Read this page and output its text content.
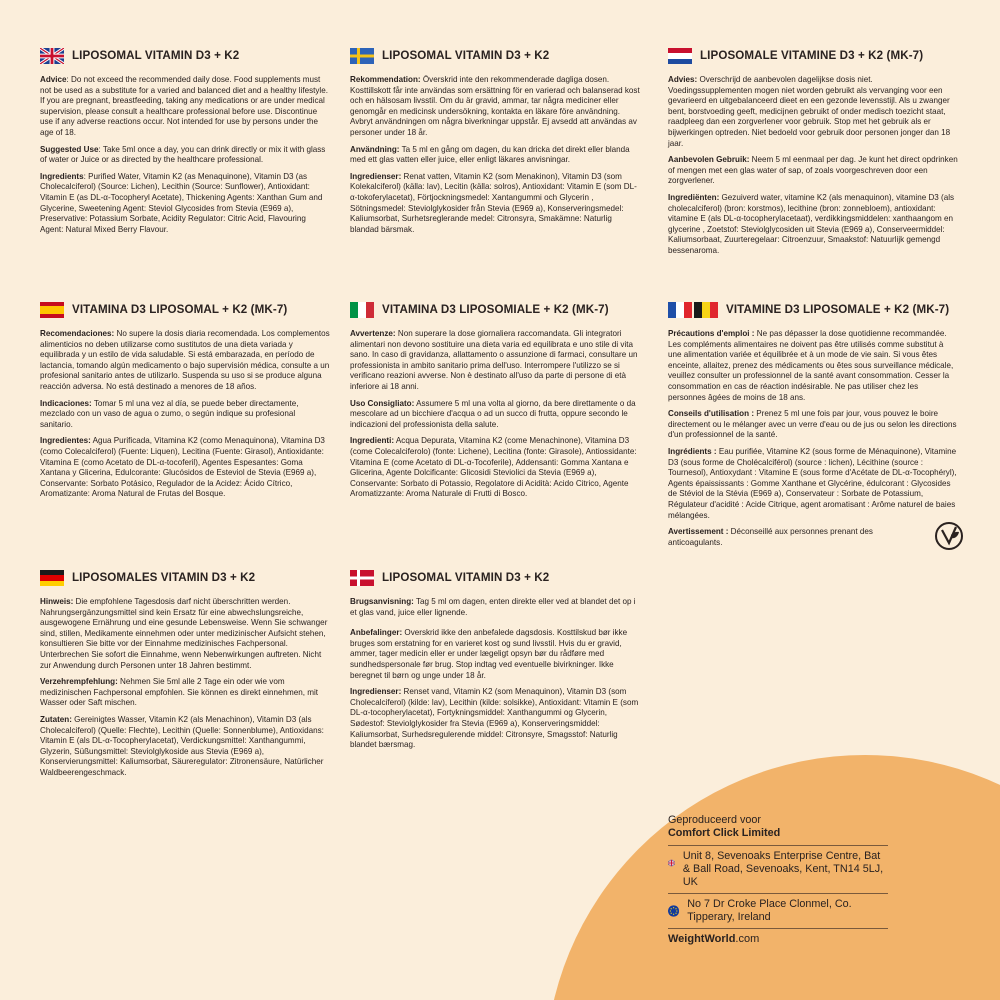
LIPOSOMAL VITAMIN D3 + K2

Advice: Do not exceed the recommended daily dose. Food supplements must not be used as a substitute for a varied and balanced diet and a healthy lifestyle. If you are pregnant, breastfeeding, taking any medications or are under medical supervision, please consult a healthcare professional before use. Discontinue use if any adverse reactions occur. Not intended for use by persons under the age of 18.

Suggested Use: Take 5ml once a day, you can drink directly or mix it with glass of water or Juice or as directed by the healthcare professional.

Ingredients: Purified Water, Vitamin K2 (as Menaquinone), Vitamin D3 (as Cholecalciferol) (Source: Lichen), Lecithin (Source: Sunflower), Antioxidant: Vitamin E (as DL-α-Tocopheryl Acetate), Thickening Agents: Xanthan Gum and Glycerine, Sweetening Agent: Steviol Glycosides from Stevia (E969 a), Preservative: Potassium Sorbate, Acidity Regulator: Citric Acid, Flavouring Agent: Natural Mixed Berry Flavour.

LIPOSOMAL VITAMIN D3 + K2

Rekommendation: Överskrid inte den rekommenderade dagliga dosen. Kosttillskott får inte användas som ersättning för en varierad och balanserad kost och en hälsosam livsstil. Om du är gravid, ammar, tar några mediciner eller genomgår en medicinsk undersökning, kontakta en läkare före användning. Avbryt användningen om några biverkningar uppstår. Ej avsedd att användas av personer under 18 år.

Användning: Ta 5 ml en gång om dagen, du kan dricka det direkt eller blanda med ett glas vatten eller juice, eller enligt läkares anvisningar.

Ingredienser: Renat vatten, Vitamin K2 (som Menakinon), Vitamin D3 (som Kolekalciferol) (källa: lav), Lecitin (källa: solros), Antioxidant: Vitamin E (som DL-α-tokoferylacetat), Förtjockningsmedel: Xantangummi och Glycerin , Sötningsmedel: Steviolglykosider från Stevia (E969 a), Konserveringsmedel: Kaliumsorbat, Surhetsreglerande medel: Citronsyra, Smakämne: Naturlig blandad bärsmak.

LIPOSOMALE VITAMINE D3 + K2 (MK-7)

Advies: Overschrijd de aanbevolen dagelijkse dosis niet. Voedingssupplementen mogen niet worden gebruikt als vervanging voor een gevarieerd en uitgebalanceerd dieet en een gezonde levensstijl. Als u zwanger bent, borstvoeding geeft, medicijnen gebruikt of onder medisch toezicht staat, raadpleeg dan een zorgverlener voor gebruik. Stop met het gebruik als er bijwerkingen optreden. Niet bedoeld voor gebruik door personen jonger dan 18 jaar.

Aanbevolen Gebruik: Neem 5 ml eenmaal per dag. Je kunt het direct opdrinken of mengen met een glas water of sap, of zoals voorgeschreven door een zorgverlener.

Ingrediënten: Gezuiverd water, vitamine K2 (als menaquinon), vitamine D3 (als cholecalciferol) (bron: korstmos), lecithine (bron: zonnebloem), antioxidant: vitamine E (als DL-α-tocopherylacetaat), verdikkingsmiddelen: xanthaangom en glycerine , Zoetstof: Steviolglycosiden uit Stevia (E969 a), Conserveermiddel: Kaliumsorbaat, Zuurteregelaar: Citroenzuur, Smaakstof: Natuurlijk gemengd bessenaroma.

VITAMINA D3 LIPOSOMAL + K2 (MK-7)

Recomendaciones: No supere la dosis diaria recomendada. Los complementos alimenticios no deben utilizarse como sustitutos de una dieta variada y equilibrada y un estilo de vida saludable. Si está embarazada, en período de lactancia, tomando algún medicamento o bajo supervisión médica, consulte a un profesional sanitario antes de utilizarlo. Suspenda su uso si se produce alguna reacción adversa. No está destinado a menores de 18 años.

Indicaciones: Tomar 5 ml una vez al día, se puede beber directamente, mezclado con un vaso de agua o zumo, o según indique su profesional sanitario.

Ingredientes: Agua Purificada, Vitamina K2 (como Menaquinona), Vitamina D3 (como Colecalciferol) (Fuente: Liquen), Lecitina (Fuente: Girasol), Antioxidante: Vitamina E (como Acetato de DL-α-tocoferil), Agentes Espesantes: Goma Xantana y Glicerina, Edulcorante: Glucósidos de Esteviol de Stevia (E969 a), Conservante: Sorbato Potásico, Regulador de la Acidez: Ácido Cítrico, Aromatizante: Aroma Natural de Frutas del Bosque.

VITAMINA D3 LIPOSOMIALE + K2 (MK-7)

Avvertenze: Non superare la dose giornaliera raccomandata. Gli integratori alimentari non devono sostituire una dieta varia ed equilibrata e uno stile di vita sano. In caso di gravidanza, allattamento o assunzione di farmaci, consultare un professionista in ambito sanitario prima dell'uso. Interrompere l'utilizzo se si verificano reazioni avverse. Non è destinato all'uso da parte di persone di età inferiore ai 18 anni.

Uso Consigliato: Assumere 5 ml una volta al giorno, da bere direttamente o da mescolare ad un bicchiere d'acqua o ad un succo di frutta, oppure secondo le indicazioni del professionista della salute.

Ingredienti: Acqua Depurata, Vitamina K2 (come Menachinone), Vitamina D3 (come Colecalciferolo) (fonte: Lichene), Lecitina (fonte: Girasole), Antiossidante: Vitamina E (come Acetato di DL-α-Tocoferile), Addensanti: Gomma Xantana e Glicerina, Agente Dolcificante: Glicosidi Steviolici da Stevia (E969 a), Conservante: Sorbato di Potassio, Regolatore di Acidità: Acido Citrico, Agente Aromatizzante: Aroma Naturale di Frutti di Bosco.

VITAMINE D3 LIPOSOMALE + K2 (MK-7)

Précautions d'emploi : Ne pas dépasser la dose quotidienne recommandée. Les compléments alimentaires ne doivent pas être utilisés comme substitut à une alimentation variée et équilibrée et à un mode de vie sain. Si vous êtes enceinte, allaitez, prenez des médicaments ou êtes sous surveillance médicale, veuillez consulter un professionnel de la santé avant consommation. Cesser la consommation en cas de réaction indésirable. Ne pas utiliser chez les personnes âgées de moins de 18 ans.

Conseils d'utilisation : Prenez 5 ml une fois par jour, vous pouvez le boire directement ou le mélanger avec un verre d'eau ou de jus ou selon les directions d'un professionnel de la santé.

Ingrédients : Eau purifiée, Vitamine K2 (sous forme de Ménaquinone), Vitamine D3 (sous forme de Cholécalciférol) (source : lichen), Lécithine (source : Tournesol), Antioxydant : Vitamine E (sous forme d'Acétate de DL-α-Tocophéryl), Agents épaississants : Gomme Xanthane et Glycérine, édulcorant : Glycosides de Stéviol de la Stévia (E969 a), Conservateur : Sorbate de Potassium, Régulateur d'acidité : Acide Citrique, agent aromatisant : Arôme naturel de baies mélangées.

Avertissement : Déconseillé aux personnes prenant des anticoagulants.

LIPOSOMALES VITAMIN D3 + K2

Hinweis: Die empfohlene Tagesdosis darf nicht überschritten werden. Nahrungsergänzungsmittel sind kein Ersatz für eine abwechslungsreiche, ausgewogene Ernährung und eine gesunde Lebensweise. Wenn Sie schwanger sind, stillen, Medikamente einnehmen oder unter medizinischer Aufsicht stehen, konsultieren Sie bitte vor der Einnahme medizinisches Fachpersonal. Unterbrechen Sie sofort die Einnahme, wenn Nebenwirkungen auftreten. Nicht zur Anwendung durch Personen unter 18 Jahren bestimmt.

Verzehrempfehlung: Nehmen Sie 5ml alle 2 Tage ein oder wie vom medizinischen Fachpersonal empfohlen. Sie können es direkt einnehmen, mit Wasser oder Saft mischen.

Zutaten: Gereinigtes Wasser, Vitamin K2 (als Menachinon), Vitamin D3 (als Cholecalciferol) (Quelle: Flechte), Lecithin (Quelle: Sonnenblume), Antioxidans: Vitamin E (als DL-α-Tocopherylacetat), Verdickungsmittel: Xanthangummi, Glyzerin, Süßungsmittel: Steviolglykoside aus Stevia (E969 a), Konservierungsmittel: Kaliumsorbat, Säureregulator: Zitronensäure, Natürlicher Waldbeerengeschmack.

LIPOSOMAL VITAMIN D3 + K2

Brugsanvisning: Tag 5 ml om dagen, enten direkte eller ved at blandet det op i et glas vand, juice eller lignende.

Anbefalinger: Overskrid ikke den anbefalede dagsdosis. Kosttilskud bør ikke bruges som erstatning for en varieret kost og sund livsstil. Hvis du er gravid, ammer, tager medicin eller er under lægeligt opsyn bør du rådføre med sundhedspersonale før brug. Stop indtag ved eventuelle bivirkninger. Ikke beregnet til børn og unge under 18 år.

Ingredienser: Renset vand, Vitamin K2 (som Menaquinon), Vitamin D3 (som Cholecalciferol) (kilde: lav), Lecithin (kilde: solsikke), Antioxidant: Vitamin E (som DL-α-tocopherylacetat), Fortykningsmiddel: Xanthangummi og Glycerin, Sødestof: Steviolglykosider fra Stevia (E969 a), Konserveringsmiddel: Kaliumsorbat, Surhedsregulerende middel: Citronsyre, Smagsstof: Naturlig blandet bærsmag.

Geproduceerd voor
Comfort Click Limited
Unit 8, Sevenoaks Enterprise Centre, Bat & Ball Road, Sevenoaks, Kent, TN14 5LJ, UK
No 7 Dr Croke Place Clonmel, Co. Tipperary, Ireland
WeightWorld.com
